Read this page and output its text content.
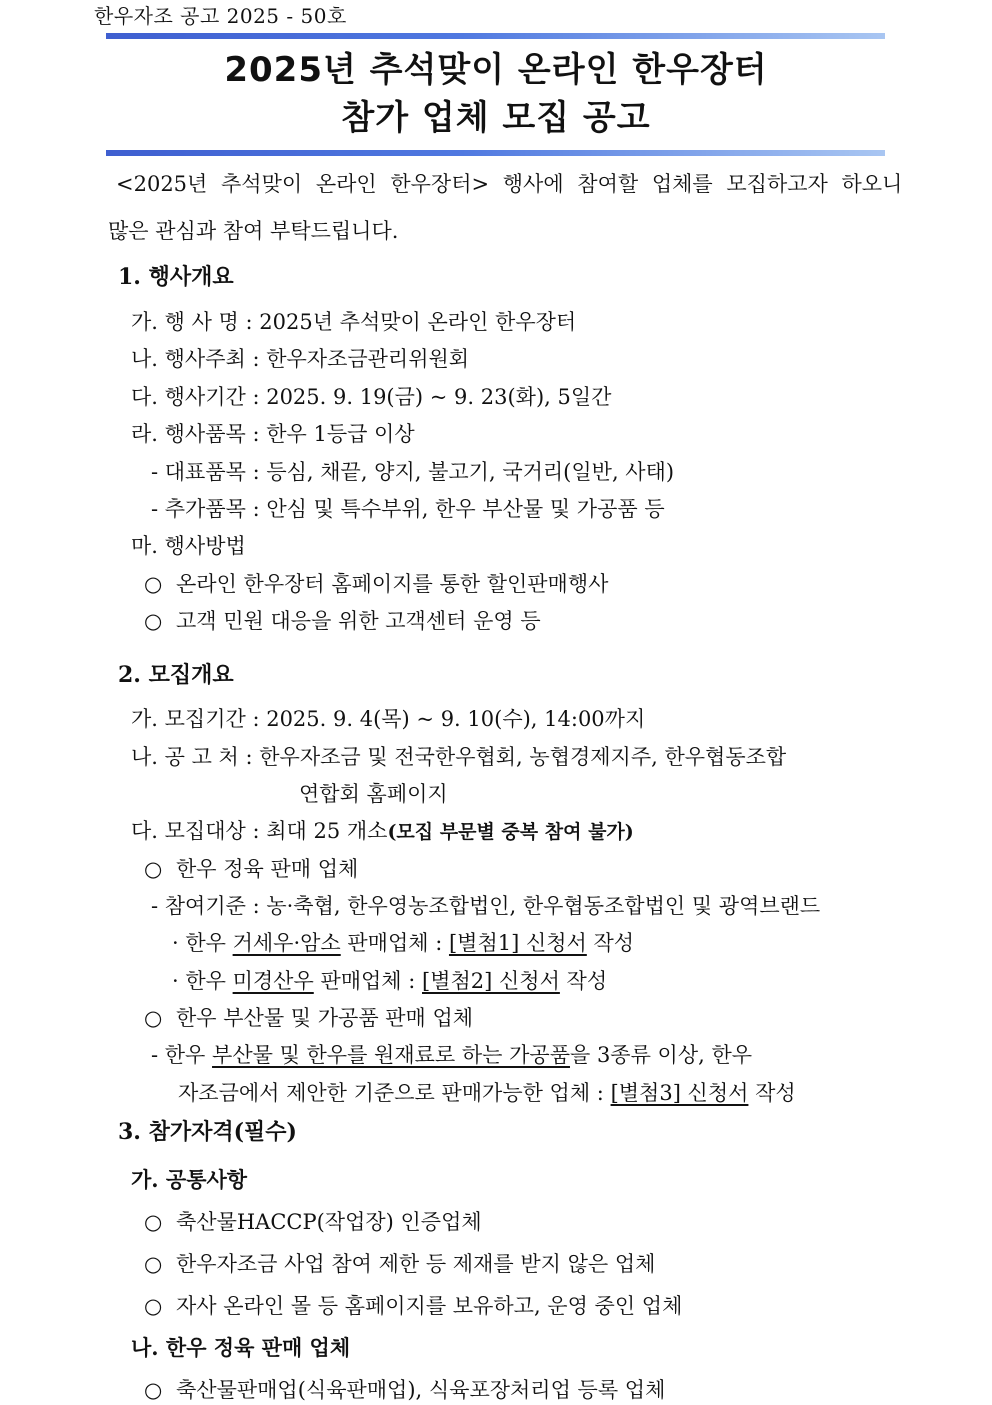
한우자조 공고 2025 - 50호
2025년 추석맞이 온라인 한우장터
참가 업체 모집 공고
<2025년 추석맞이 온라인 한우장터> 행사에 참여할 업체를 모집하고자 하오니
많은 관심과 참여 부탁드립니다.
1. 행사개요
가. 행 사 명 : 2025년 추석맞이 온라인 한우장터
나. 행사주최 : 한우자조금관리위원회
다. 행사기간 : 2025. 9. 19(금) ~ 9. 23(화), 5일간
라. 행사품목 : 한우 1등급 이상
- 대표품목 : 등심, 채끝, 양지, 불고기, 국거리(일반, 사태)
- 추가품목 : 안심 및 특수부위, 한우 부산물 및 가공품 등
마. 행사방법
○ 온라인 한우장터 홈페이지를 통한 할인판매행사
○ 고객 민원 대응을 위한 고객센터 운영 등
2. 모집개요
가. 모집기간 : 2025. 9. 4(목) ~ 9. 10(수), 14:00까지
나. 공 고 처 : 한우자조금 및 전국한우협회, 농협경제지주, 한우협동조합
연합회 홈페이지
다. 모집대상 : 최대 25 개소(모집 부문별 중복 참여 불가)
○ 한우 정육 판매 업체
- 참여기준 : 농·축협, 한우영농조합법인, 한우협동조합법인 및 광역브랜드
· 한우 거세우·암소 판매업체 : [별첨1] 신청서 작성
· 한우 미경산우 판매업체 : [별첨2] 신청서 작성
○ 한우 부산물 및 가공품 판매 업체
- 한우 부산물 및 한우를 원재료로 하는 가공품을 3종류 이상, 한우
자조금에서 제안한 기준으로 판매가능한 업체 : [별첨3] 신청서 작성
3. 참가자격(필수)
가. 공통사항
○ 축산물HACCP(작업장) 인증업체
○ 한우자조금 사업 참여 제한 등 제재를 받지 않은 업체
○ 자사 온라인 몰 등 홈페이지를 보유하고, 운영 중인 업체
나. 한우 정육 판매 업체
○ 축산물판매업(식육판매업), 식육포장처리업 등록 업체
